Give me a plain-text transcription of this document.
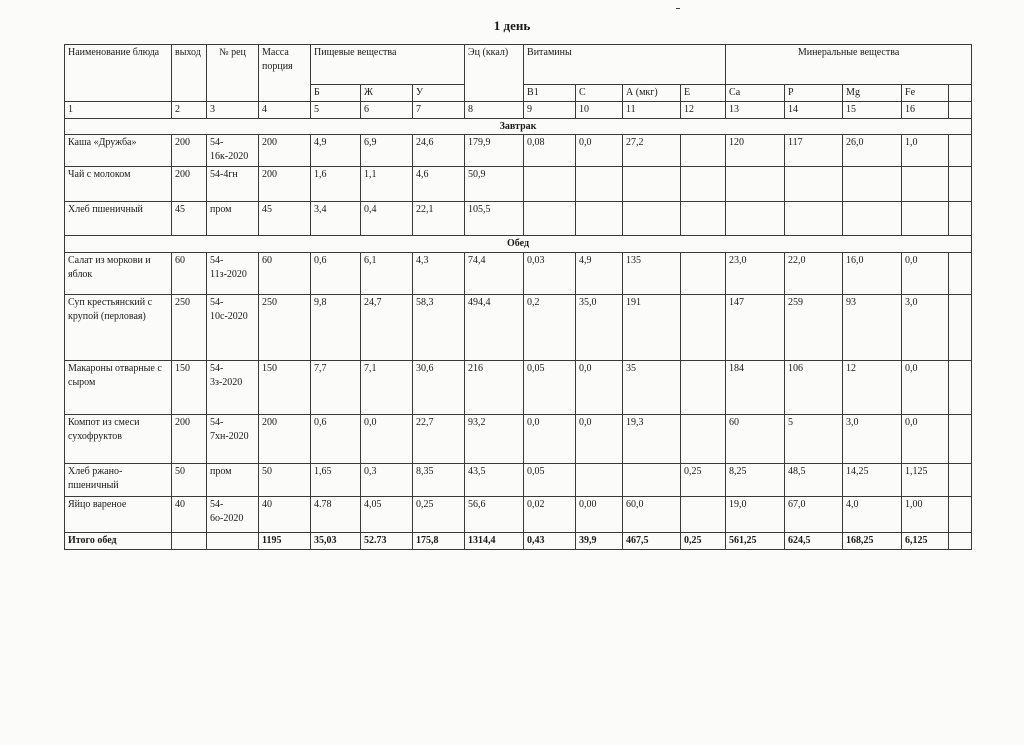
1 день
Наименование блюда	выход	№ рец	Масса порция	Пищевые вещества			Эц (ккал)	Витамины				Минеральные вещества				
				Б	Ж	У		B1	C	А (мкг)	Е	Са	Р	Mg	Fe	
1	2	3	4	5	6	7	8	9	10	11	12	13	14	15	16	
Завтрак																
Каша «Дружба»	200	54-16к-2020	200	4,9	6,9	24,6	179,9	0,08	0,0	27,2		120	117	26,0	1,0	
Чай с молоком	200	54-4гн	200	1,6	1,1	4,6	50,9									
Хлеб пшеничный	45	пром	45	3,4	0,4	22,1	105,5									
Обед																
Салат из моркови и яблок	60	54-11з-2020	60	0,6	6,1	4,3	74,4	0,03	4,9	135		23,0	22,0	16,0	0,0	
Суп крестьянский с крупой (перловая)	250	54-10с-2020	250	9,8	24,7	58,3	494,4	0,2	35,0	191		147	259	93	3,0	
Макароны отварные с сыром	150	54-3з-2020	150	7,7	7,1	30,6	216	0,05	0,0	35		184	106	12	0,0	
Компот из смеси сухофруктов	200	54-7хн-2020	200	0,6	0,0	22,7	93,2	0,0	0,0	19,3		60	5	3,0	0,0	
Хлеб ржано-пшеничный	50	пром	50	1,65	0,3	8,35	43,5	0,05			0,25	8,25	48,5	14,25	1,125	
Яйцо вареное	40	54-6о-2020	40	4.78	4,05	0,25	56,6	0,02	0,00	60,0		19,0	67,0	4,0	1,00	
Итого обед			1195	35,03	52.73	175,8	1314,4	0,43	39,9	467,5	0,25	561,25	624,5	168,25	6,125	
